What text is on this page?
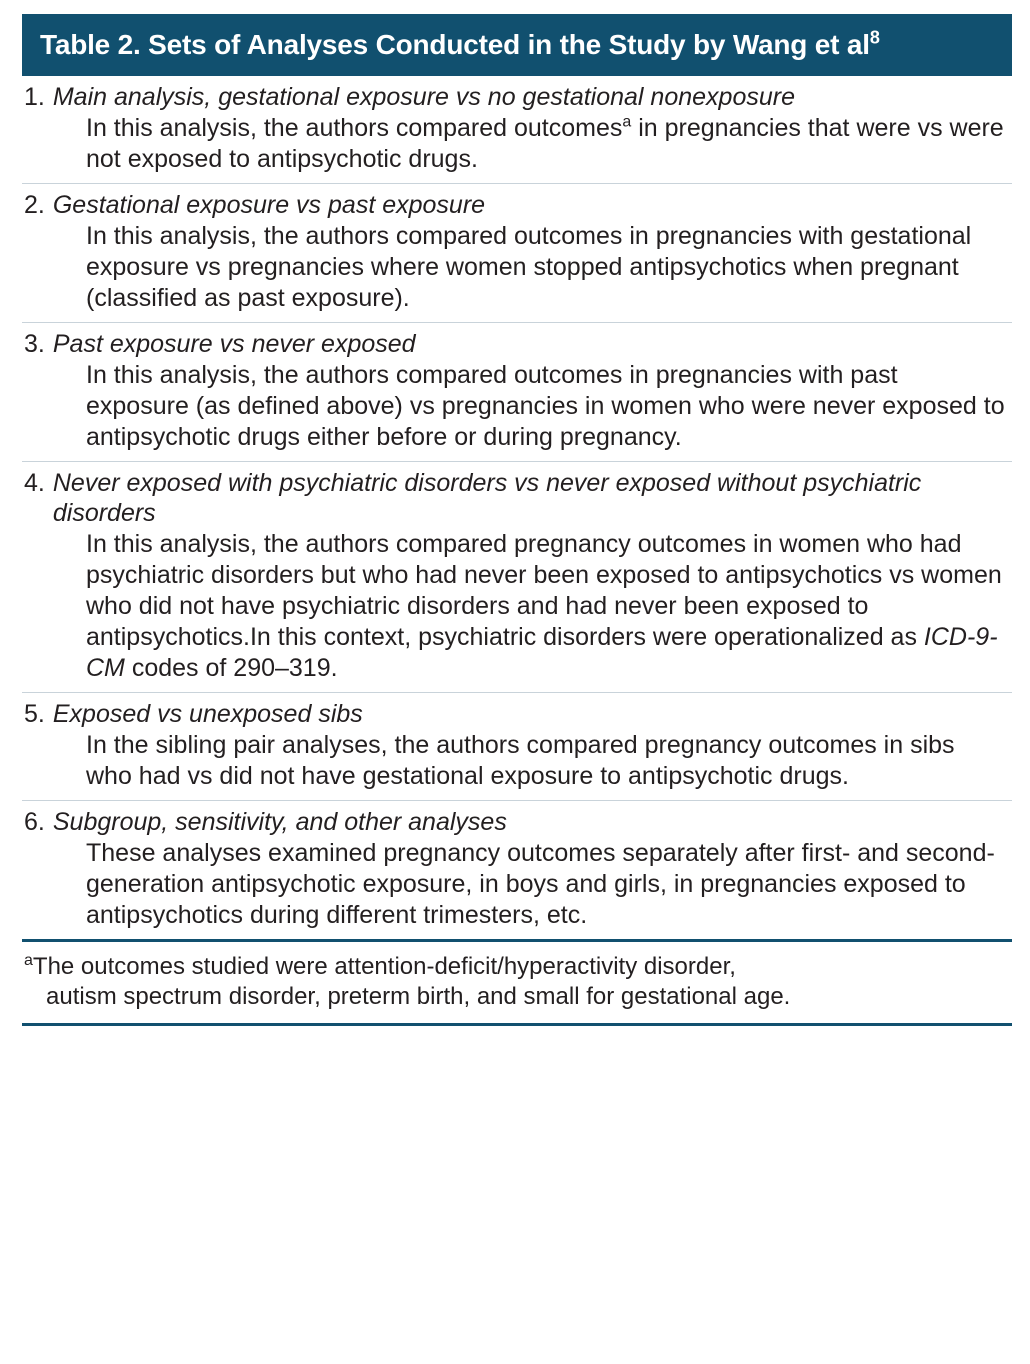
Table 2. Sets of Analyses Conducted in the Study by Wang et $al^8$
1. Main analysis, gestational exposure vs no gestational nonexposure
In this analysis, the authors compared outcomes$^a$ in pregnancies that were vs were not exposed to antipsychotic drugs.
2. Gestational exposure vs past exposure
In this analysis, the authors compared outcomes in pregnancies with gestational exposure vs pregnancies where women stopped antipsychotics when pregnant (classified as past exposure).
3. Past exposure vs never exposed
In this analysis, the authors compared outcomes in pregnancies with past exposure (as defined above) vs pregnancies in women who were never exposed to antipsychotic drugs either before or during pregnancy.
4. Never exposed with psychiatric disorders vs never exposed without psychiatric disorders
In this analysis, the authors compared pregnancy outcomes in women who had psychiatric disorders but who had never been exposed to antipsychotics vs women who did not have psychiatric disorders and had never been exposed to antipsychotics.In this context, psychiatric disorders were operationalized as ICD-9-CM codes of 290–319.
5. Exposed vs unexposed sibs
In the sibling pair analyses, the authors compared pregnancy outcomes in sibs who had vs did not have gestational exposure to antipsychotic drugs.
6. Subgroup, sensitivity, and other analyses
These analyses examined pregnancy outcomes separately after first- and second-generation antipsychotic exposure, in boys and girls, in pregnancies exposed to antipsychotics during different trimesters, etc.
$^a$The outcomes studied were attention-deficit/hyperactivity disorder,
autism spectrum disorder, preterm birth, and small for gestational age.
